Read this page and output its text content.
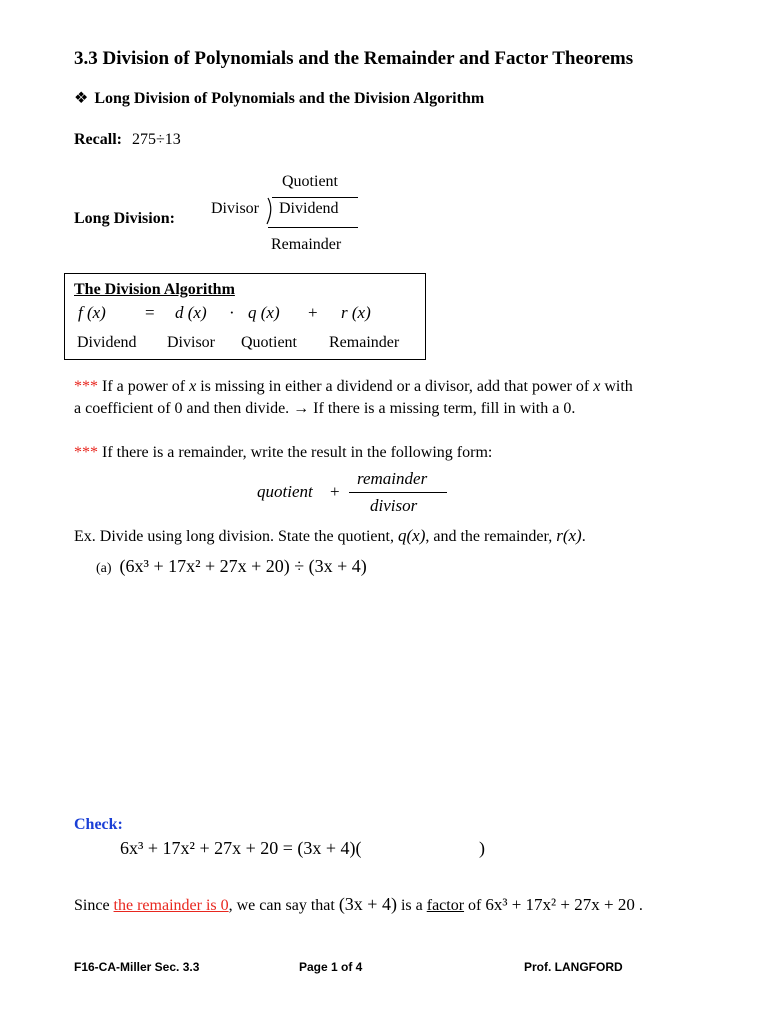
3.3 Division of Polynomials and the Remainder and Factor Theorems
❖ Long Division of Polynomials and the Division Algorithm
Recall: 275÷13
Long Division:
Quotient
Divisor Dividend
Remainder
The Division Algorithm
f (x) = d (x) · q (x) + r (x)
Dividend Divisor Quotient Remainder
*** If a power of x is missing in either a dividend or a divisor, add that power of x with
a coefficient of 0 and then divide. → If there is a missing term, fill in with a 0.
*** If there is a remainder, write the result in the following form:
quotient +
remainder
divisor
Ex. Divide using long division. State the quotient, q(x), and the remainder, r(x).
(a) (6x³ + 17x² + 27x + 20) ÷ (3x + 4)
Check:
6x³ + 17x² + 27x + 20 = (3x + 4)(	)
Since the remainder is 0, we can say that (3x + 4) is a factor of 6x³ + 17x² + 27x + 20 .
F16-CA-Miller Sec. 3.3	Page 1 of 4	Prof. LANGFORD
